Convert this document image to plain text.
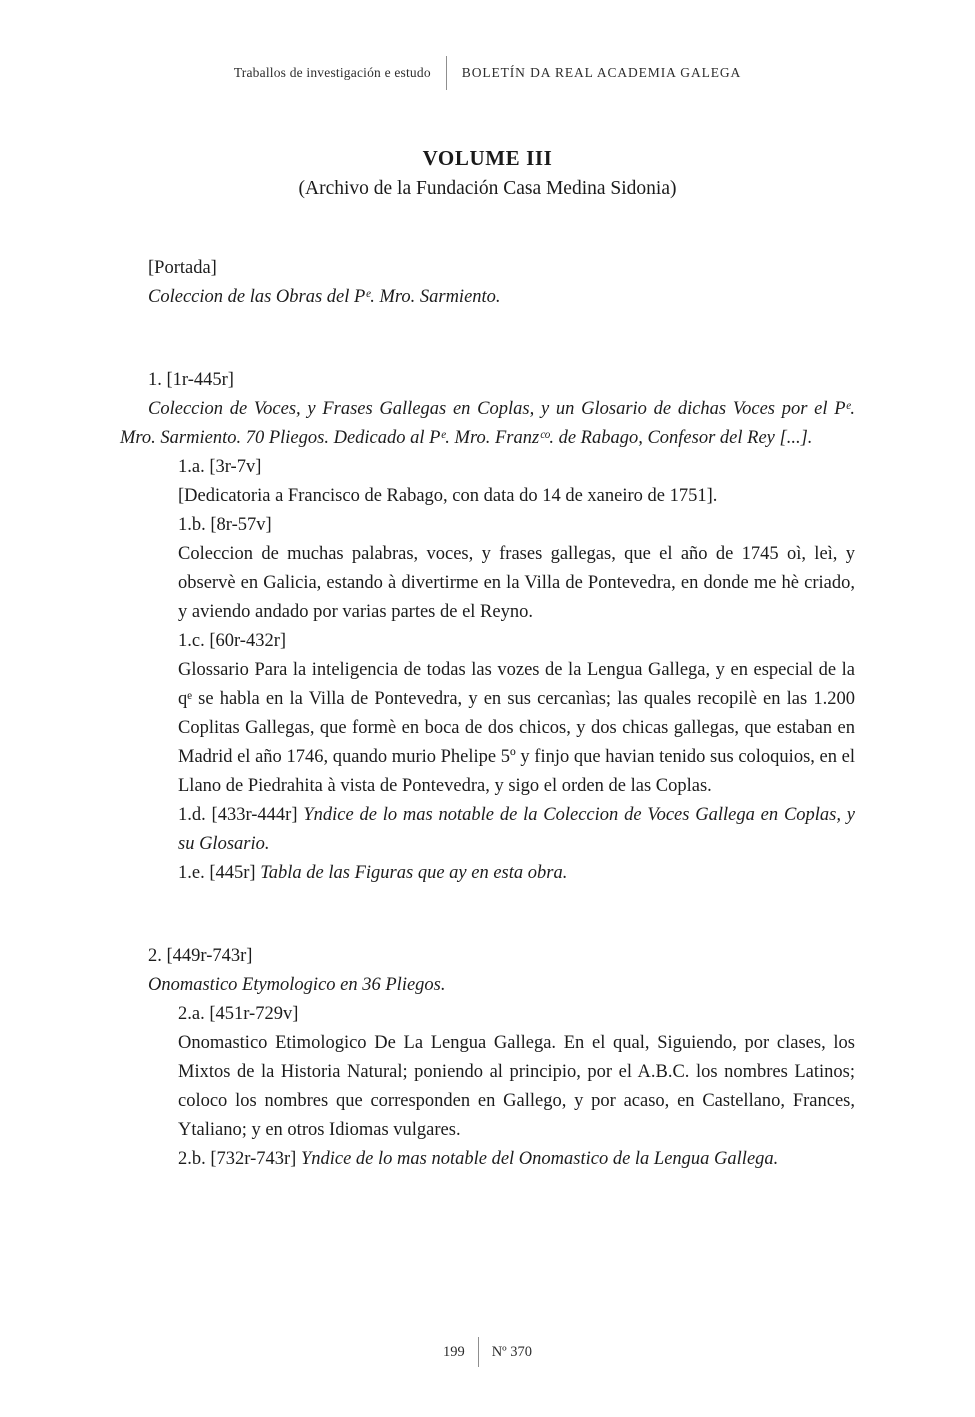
Traballos de investigación e estudo	BOLETÍN DA REAL ACADEMIA GALEGA
VOLUME III
(Archivo de la Fundación Casa Medina Sidonia)

[Portada]

Coleccion de las Obras del Pᵉ. Mro. Sarmiento.

1. [1r-445r]

Coleccion de Voces, y Frases Gallegas en Coplas, y un Glosario de dichas Voces por el Pᵉ. Mro. Sarmiento. 70 Pliegos. Dedicado al Pᵉ. Mro. Franzᶜᵒ. de Rabago, Confesor del Rey [...].

1.a. [3r-7v]

[Dedicatoria a Francisco de Rabago, con data do 14 de xaneiro de 1751].

1.b. [8r-57v]

Coleccion de muchas palabras, voces, y frases gallegas, que el año de 1745 oì, leì, y observè en Galicia, estando à divertirme en la Villa de Pontevedra, en donde me hè criado, y aviendo andado por varias partes de el Reyno.

1.c. [60r-432r]

Glossario Para la inteligencia de todas las vozes de la Lengua Gallega, y en especial de la qᵉ se habla en la Villa de Pontevedra, y en sus cercanìas; las quales recopilè en las 1.200 Coplitas Gallegas, que formè en boca de dos chicos, y dos chicas gallegas, que estaban en Madrid el año 1746, quando murio Phelipe 5º y finjo que havian tenido sus coloquios, en el Llano de Piedrahita à vista de Pontevedra, y sigo el orden de las Coplas.

1.d. [433r-444r] Yndice de lo mas notable de la Coleccion de Voces Gallega en Coplas, y su Glosario.

1.e. [445r] Tabla de las Figuras que ay en esta obra.

2. [449r-743r]

Onomastico Etymologico en 36 Pliegos.

2.a. [451r-729v]

Onomastico Etimologico De La Lengua Gallega. En el qual, Siguiendo, por clases, los Mixtos de la Historia Natural; poniendo al principio, por el A.B.C. los nombres Latinos; coloco los nombres que corresponden en Gallego, y por acaso, en Castellano, Frances, Ytaliano; y en otros Idiomas vulgares.

2.b. [732r-743r] Yndice de lo mas notable del Onomastico de la Lengua Gallega.

199	Nº 370
